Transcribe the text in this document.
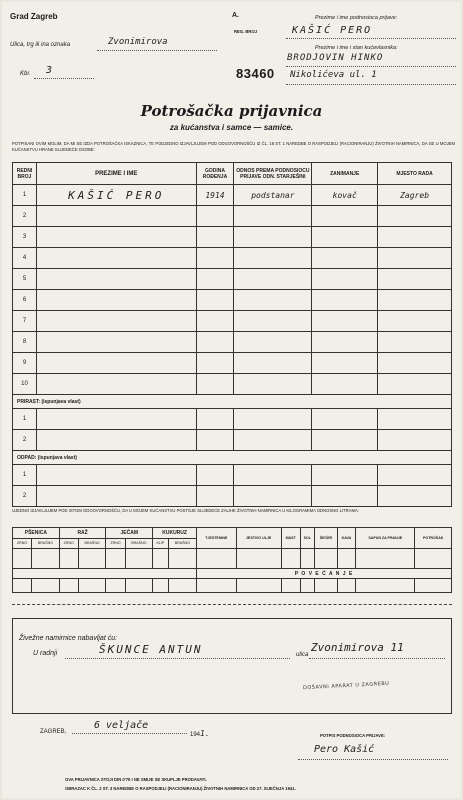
Grad Zagreb	A.
REG. BROJ
Ulica, trg ili ina oznaka	Zvonimirova
Kbr. 3	83460
Prezime i ime podnosioca prijave:
KAŠIĆ PERO
Prezime i ime i stan kućevlasnika:
BRODJOVIN HINKO
Nikolićeva ul. 1
Potrošačka prijavnica
za kućanstva i samce — samice.
POTPISANI OVIM MOLIM, DA MI SE IZDA POTROŠAČKA ISKAZNICA, TE PODJEDNO IZJAVLJUJEM POD ODGOVORNOŠĆU IZ ČL. 18 ST. 1 NAREDBE O RASPODJELI (RACIONIRANJU) ŽIVOTNIH NAMIRNICA, DA SE U MOJEM KUĆANSTVU HRANE SLIJEDEĆE OSOBE:
REDNI BROJ	PREZIME I IME	GODINA ROĐENJA	ODNOS PREMA PODNOSIOCU PRIJAVE ODN. STARJEŠINI	ZANIMANJE	MJESTO RADA
1	KAŠIĆ PERO	1914	podstanar	kovač	Zagreb
2					
3					
4					
5					
6					
7					
8					
9					
10					
PRIRAST: (ispunjava vlast)					
1					
2					
ODPAD: (ispunjava vlast)					
1					
2					
UJEDNO IZJAVLJUJEM POD ISTOM ODGOVORNOŠĆU, DA U MOJEM KUĆANSTVU POSTOJE SLIJEDEĆE ZALIHE ŽIVOTNIH NAMIRNICA U KILOGRAMIMA ODNOSNO LITRAMA:
PŠENICA		RAŽ		JEČAM		KUKURUZ		TJESTENINE	JESTIVO ULJE	MAST	SOL	ŠEĆER	KAVA	SAPUN ZA PRANJE	POTROŠAK
ZRNO	BRAŠNO	ZRNO	BRAŠNO	ZRNO	BRAŠNO	KLIP	BRAŠNO								

								P O V E Ć A N J E							

Živežne namirnice nabavljat ću:
U radnji	ŠKUNCE ANTUN	ulica
Zvonimirova 11
DOŠAVNI APARAT U ZAGREBU
ZAGREB,
6 veljače
1941.	POTPIS PODNOSIOCA PRIJAVE:
Pero Kašić
OVA PRIJAVNICA STOJI DIN 0'75 I NE SMIJE SE SKUPLJE PRODAVATI.
OBRAZAC K ČL. 2 ST. 3 NAREDBE O RASPODJELI (RACIONIRANJU) ŽIVOTNIH NAMIRNICA OD 27. SIJEČNJA 1941.
